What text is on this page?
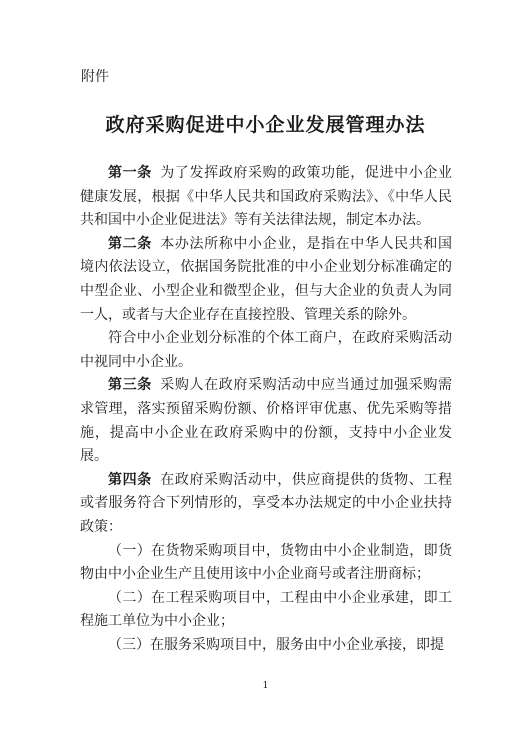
附件
政府采购促进中小企业发展管理办法

第一条 为了发挥政府采购的政策功能，促进中小企业健康发展，根据《中华人民共和国政府采购法》、《中华人民共和国中小企业促进法》等有关法律法规，制定本办法。

第二条 本办法所称中小企业，是指在中华人民共和国境内依法设立，依据国务院批准的中小企业划分标准确定的中型企业、小型企业和微型企业，但与大企业的负责人为同一人，或者与大企业存在直接控股、管理关系的除外。

符合中小企业划分标准的个体工商户，在政府采购活动中视同中小企业。

第三条 采购人在政府采购活动中应当通过加强采购需求管理，落实预留采购份额、价格评审优惠、优先采购等措施，提高中小企业在政府采购中的份额，支持中小企业发展。

第四条 在政府采购活动中，供应商提供的货物、工程或者服务符合下列情形的，享受本办法规定的中小企业扶持政策：

（一）在货物采购项目中，货物由中小企业制造，即货物由中小企业生产且使用该中小企业商号或者注册商标；

（二）在工程采购项目中，工程由中小企业承建，即工程施工单位为中小企业；

（三）在服务采购项目中，服务由中小企业承接，即提

1
